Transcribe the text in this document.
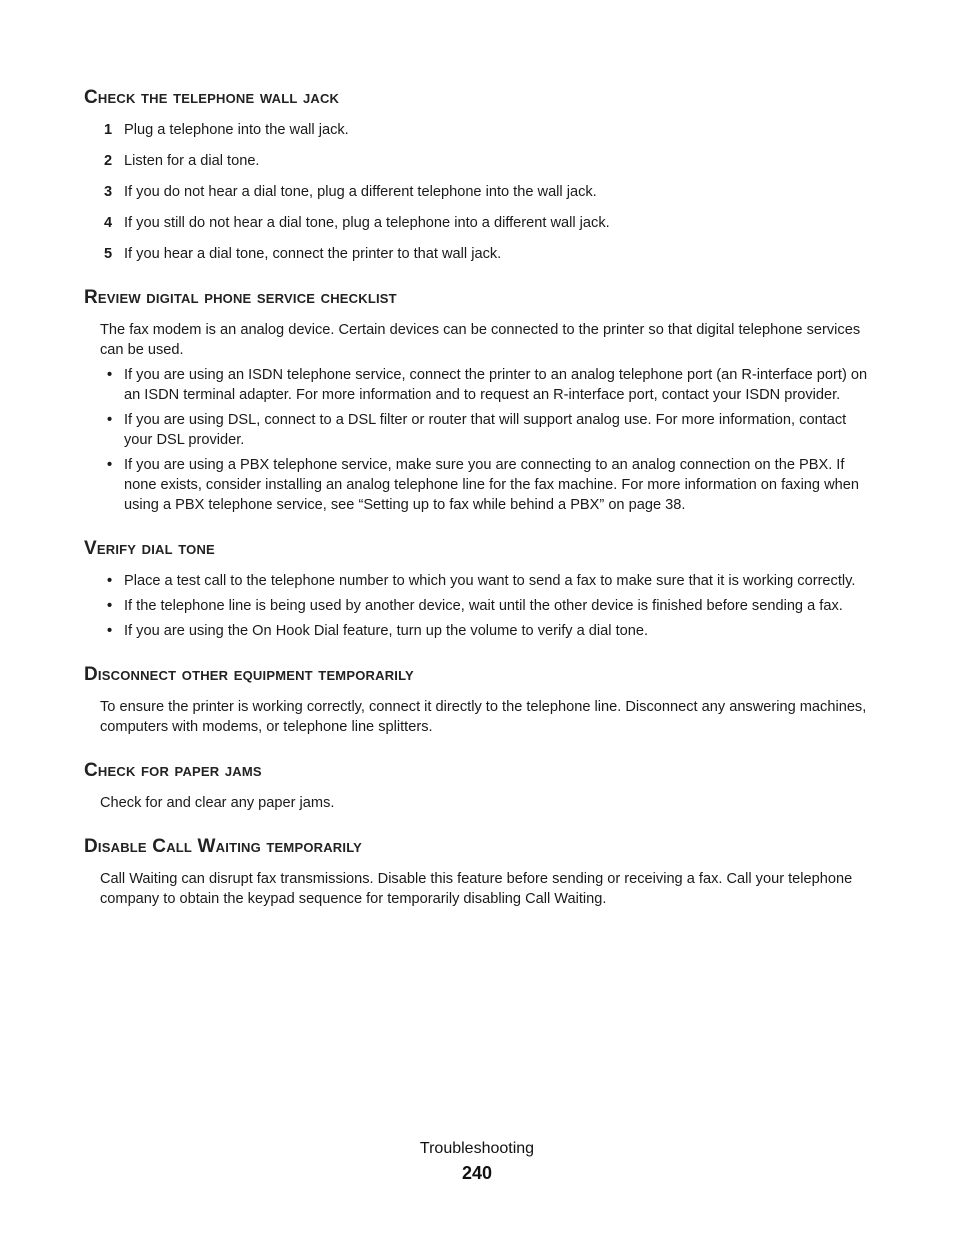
Check the telephone wall jack
1 Plug a telephone into the wall jack.
2 Listen for a dial tone.
3 If you do not hear a dial tone, plug a different telephone into the wall jack.
4 If you still do not hear a dial tone, plug a telephone into a different wall jack.
5 If you hear a dial tone, connect the printer to that wall jack.
Review digital phone service checklist

The fax modem is an analog device. Certain devices can be connected to the printer so that digital telephone services can be used.

• If you are using an ISDN telephone service, connect the printer to an analog telephone port (an R-interface port) on an ISDN terminal adapter. For more information and to request an R-interface port, contact your ISDN provider.
• If you are using DSL, connect to a DSL filter or router that will support analog use. For more information, contact your DSL provider.
• If you are using a PBX telephone service, make sure you are connecting to an analog connection on the PBX. If none exists, consider installing an analog telephone line for the fax machine. For more information on faxing when using a PBX telephone service, see “Setting up to fax while behind a PBX” on page 38.
Verify dial tone
• Place a test call to the telephone number to which you want to send a fax to make sure that it is working correctly.
• If the telephone line is being used by another device, wait until the other device is finished before sending a fax.
• If you are using the On Hook Dial feature, turn up the volume to verify a dial tone.
Disconnect other equipment temporarily

To ensure the printer is working correctly, connect it directly to the telephone line. Disconnect any answering machines, computers with modems, or telephone line splitters.

Check for paper jams

Check for and clear any paper jams.

Disable Call Waiting temporarily

Call Waiting can disrupt fax transmissions. Disable this feature before sending or receiving a fax. Call your telephone company to obtain the keypad sequence for temporarily disabling Call Waiting.

Troubleshooting
240
